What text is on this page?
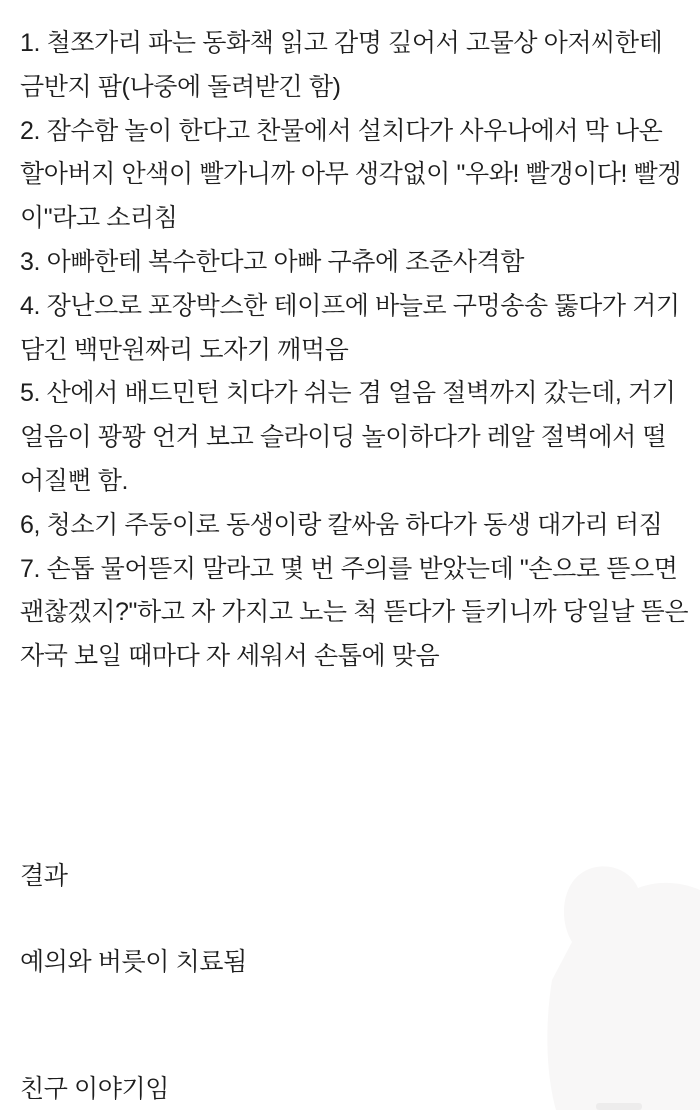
1. 철쪼가리 파는 동화책 읽고 감명 깊어서 고물상 아저씨한테
금반지 팜(나중에 돌려받긴 함)
2. 잠수함 놀이 한다고 찬물에서 설치다가 사우나에서 막 나온
할아버지 안색이 빨가니까 아무 생각없이 "우와! 빨갱이다! 빨겡
이"라고 소리침
3. 아빠한테 복수한다고 아빠 구츄에 조준사격함
4. 장난으로 포장박스한 테이프에 바늘로 구멍송송 뚫다가 거기
담긴 백만원짜리 도자기 깨먹음
5. 산에서 배드민턴 치다가 쉬는 겸 얼음 절벽까지 갔는데, 거기
얼음이 꽝꽝 언거 보고 슬라이딩 놀이하다가 레알 절벽에서 떨
어질뻔 함.
6, 청소기 주둥이로 동생이랑 칼싸움 하다가 동생 대가리 터짐
7. 손톱 물어뜯지 말라고 몇 번 주의를 받았는데 "손으로 뜯으면
괜찮겠지?"하고 자 가지고 노는 척 뜯다가 들키니까 당일날 뜯은
자국 보일 때마다 자 세워서 손톱에 맞음
결과
예의와 버릇이 치료됨
친구 이야기임
